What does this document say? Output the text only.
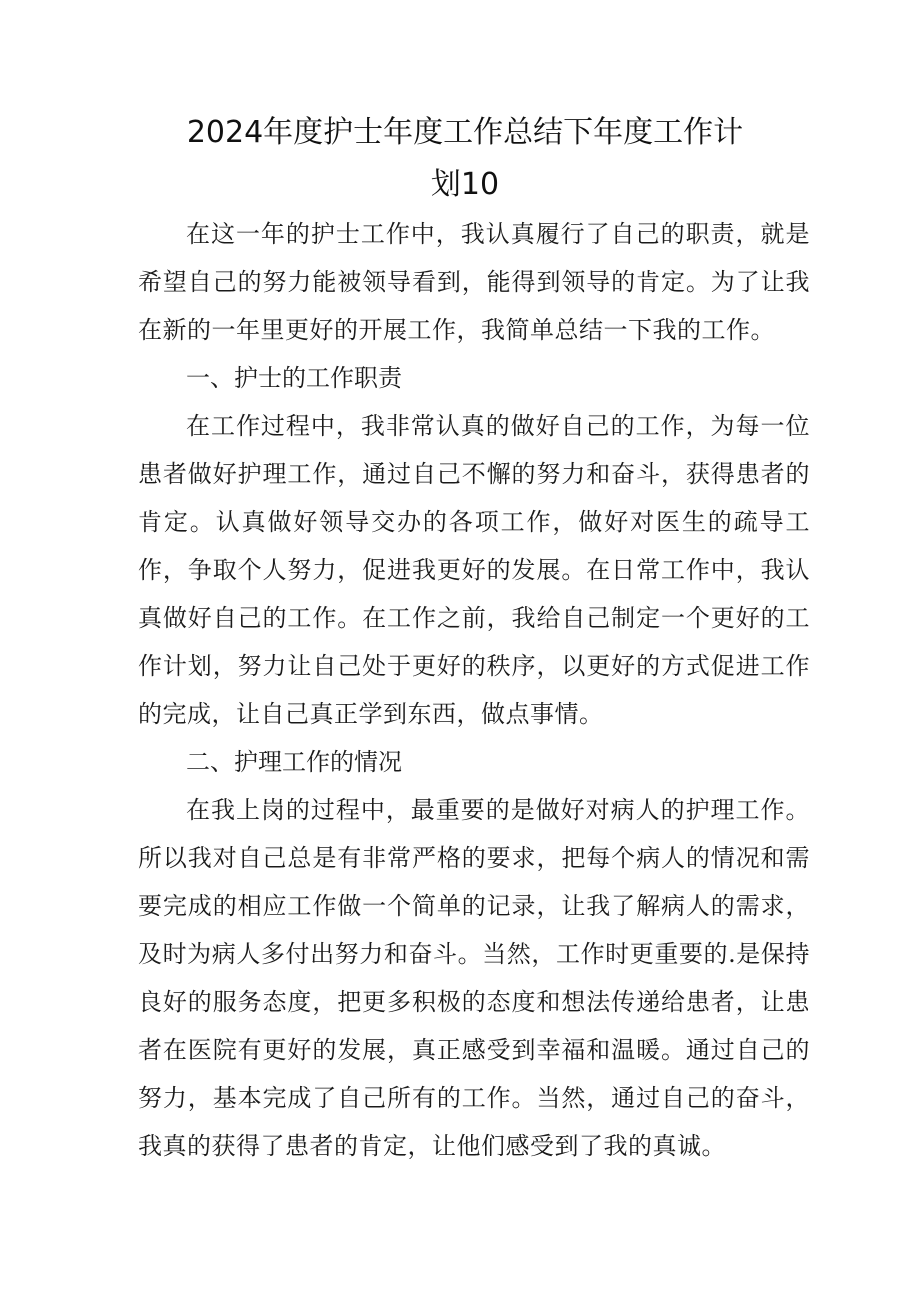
2024年度护士年度工作总结下年度工作计
划10
在这一年的护士工作中，我认真履行了自己的职责，就是希望自己的努力能被领导看到，能得到领导的肯定。为了让我在新的一年里更好的开展工作，我简单总结一下我的工作。
一、护士的工作职责
在工作过程中，我非常认真的做好自己的工作，为每一位患者做好护理工作，通过自己不懈的努力和奋斗，获得患者的肯定。认真做好领导交办的各项工作，做好对医生的疏导工作，争取个人努力，促进我更好的发展。在日常工作中，我认真做好自己的工作。在工作之前，我给自己制定一个更好的工作计划，努力让自己处于更好的秩序，以更好的方式促进工作的完成，让自己真正学到东西，做点事情。
二、护理工作的情况
在我上岗的过程中，最重要的是做好对病人的护理工作。所以我对自己总是有非常严格的要求，把每个病人的情况和需要完成的相应工作做一个简单的记录，让我了解病人的需求，及时为病人多付出努力和奋斗。当然，工作时更重要的.是保持良好的服务态度，把更多积极的态度和想法传递给患者，让患者在医院有更好的发展，真正感受到幸福和温暖。通过自己的努力，基本完成了自己所有的工作。当然，通过自己的奋斗，我真的获得了患者的肯定，让他们感受到了我的真诚。
